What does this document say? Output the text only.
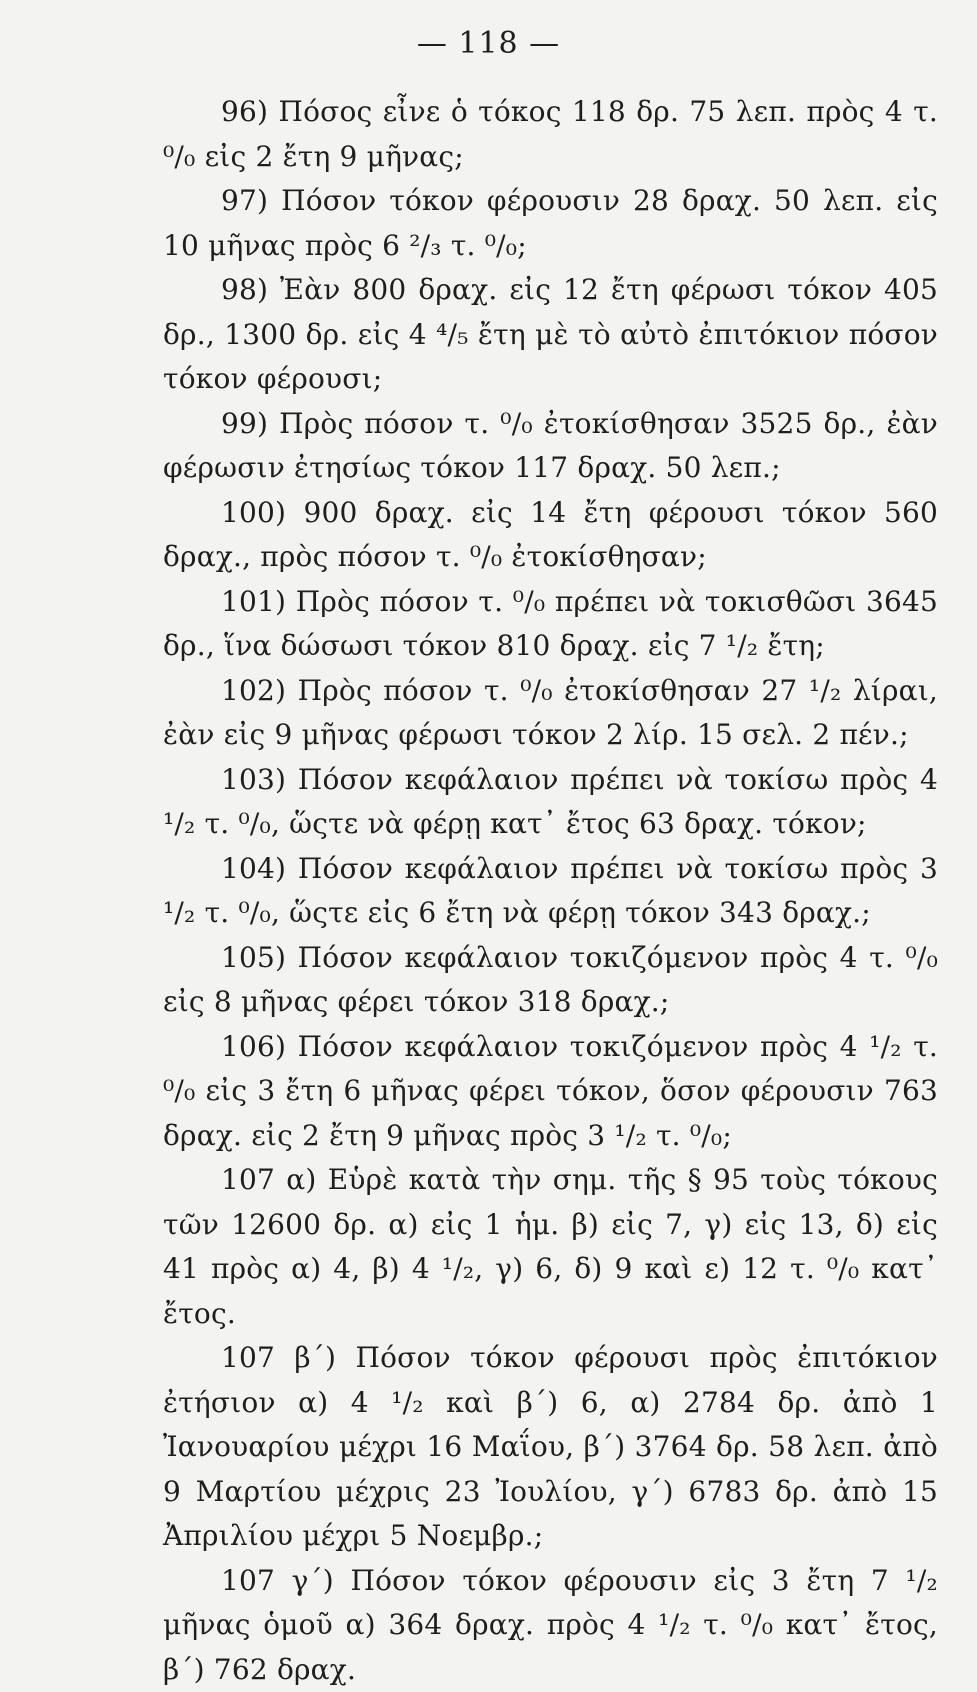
— 118 —

96) Πόσος εἶνε ὁ τόκος 118 δρ. 75 λεπ. πρὸς 4 τ. ⁰/₀ εἰς 2 ἔτη 9 μῆνας;

97) Πόσον τόκον φέρουσιν 28 δραχ. 50 λεπ. εἰς 10 μῆνας πρὸς 6 ²/₃ τ. ⁰/₀;

98) Ἐὰν 800 δραχ. εἰς 12 ἔτη φέρωσι τόκον 405 δρ., 1300 δρ. εἰς 4 ⁴/₅ ἔτη μὲ τὸ αὐτὸ ἐπιτόκιον πόσον τόκον φέρουσι;

99) Πρὸς πόσον τ. ⁰/₀ ἐτοκίσθησαν 3525 δρ., ἐὰν φέρωσιν ἐτησίως τόκον 117 δραχ. 50 λεπ.;

100) 900 δραχ. εἰς 14 ἔτη φέρουσι τόκον 560 δραχ., πρὸς πόσον τ. ⁰/₀ ἐτοκίσθησαν;

101) Πρὸς πόσον τ. ⁰/₀ πρέπει νὰ τοκισθῶσι 3645 δρ., ἵνα δώσωσι τόκον 810 δραχ. εἰς 7 ¹/₂ ἔτη;

102) Πρὸς πόσον τ. ⁰/₀ ἐτοκίσθησαν 27 ¹/₂ λίραι, ἐὰν εἰς 9 μῆνας φέρωσι τόκον 2 λίρ. 15 σελ. 2 πέν.;

103) Πόσον κεφάλαιον πρέπει νὰ τοκίσω πρὸς 4 ¹/₂ τ. ⁰/₀, ὥςτε νὰ φέρῃ κατ᾿ ἔτος 63 δραχ. τόκον;

104) Πόσον κεφάλαιον πρέπει νὰ τοκίσω πρὸς 3 ¹/₂ τ. ⁰/₀, ὥςτε εἰς 6 ἔτη νὰ φέρῃ τόκον 343 δραχ.;

105) Πόσον κεφάλαιον τοκιζόμενον πρὸς 4 τ. ⁰/₀ εἰς 8 μῆνας φέρει τόκον 318 δραχ.;

106) Πόσον κεφάλαιον τοκιζόμενον πρὸς 4 ¹/₂ τ. ⁰/₀ εἰς 3 ἔτη 6 μῆνας φέρει τόκον, ὅσον φέρουσιν 763 δραχ. εἰς 2 ἔτη 9 μῆνας πρὸς 3 ¹/₂ τ. ⁰/₀;

107 α) Εὑρὲ κατὰ τὴν σημ. τῆς § 95 τοὺς τόκους τῶν 12600 δρ. α) εἰς 1 ἡμ. β) εἰς 7, γ) εἰς 13, δ) εἰς 41 πρὸς α) 4, β) 4 ¹/₂, γ) 6, δ) 9 καὶ ε) 12 τ. ⁰/₀ κατ᾿ ἔτος.

107 β΄) Πόσον τόκον φέρουσι πρὸς ἐπιτόκιον ἐτήσιον α) 4 ¹/₂ καὶ β΄) 6, α) 2784 δρ. ἀπὸ 1 Ἰανουαρίου μέχρι 16 Μαΐου, β΄) 3764 δρ. 58 λεπ. ἀπὸ 9 Μαρτίου μέχρις 23 Ἰουλίου, γ΄) 6783 δρ. ἀπὸ 15 Ἀπριλίου μέχρι 5 Νοεμβρ.;

107 γ΄) Πόσον τόκον φέρουσιν εἰς 3 ἔτη 7 ¹/₂ μῆνας ὁμοῦ α) 364 δραχ. πρὸς 4 ¹/₂ τ. ⁰/₀ κατ᾿ ἔτος, β΄) 762 δραχ.
